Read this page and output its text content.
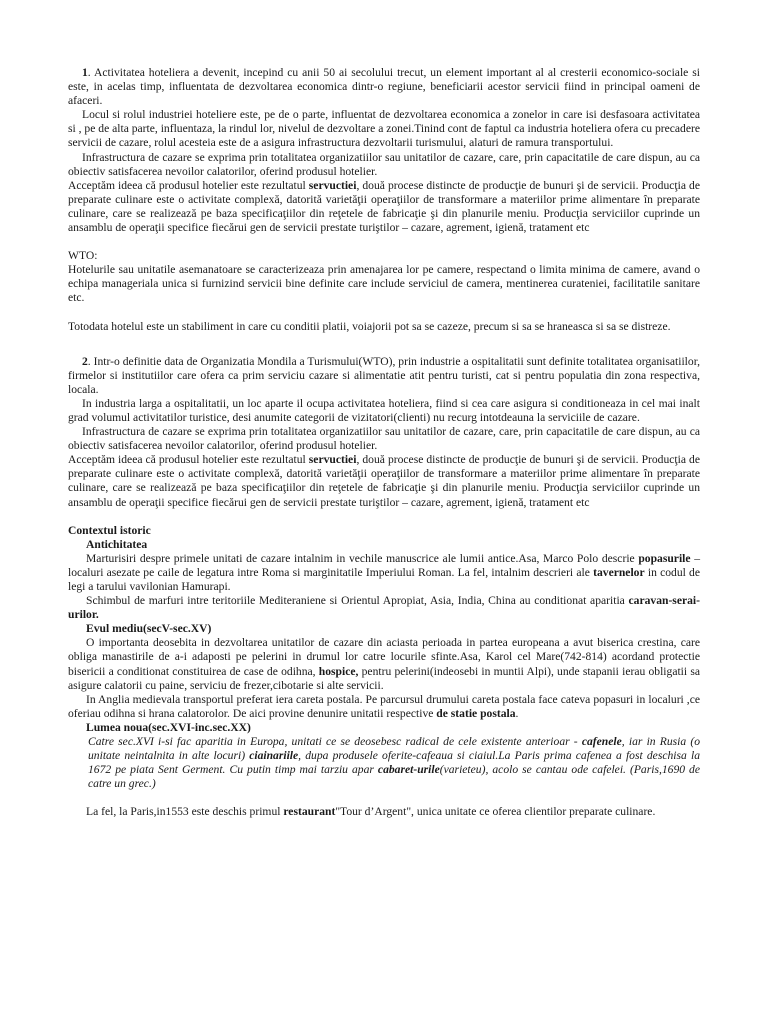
1. Activitatea hoteliera a devenit, incepind cu anii 50 ai secolului trecut, un element important al al cresterii economico-sociale si este, in acelas timp, influentata de dezvoltarea economica dintr-o regiune, beneficiarii acestor servicii fiind in principal oameni de afaceri.

Locul si rolul industriei hoteliere este, pe de o parte, influentat de dezvoltarea economica a zonelor in care isi desfasoara activitatea si , pe de alta parte, influentaza, la rindul lor, nivelul de dezvoltare a zonei.Tinind cont de faptul ca industria hoteliera ofera cu precadere servicii de cazare, rolul acesteia este de a asigura infrastructura dezvoltarii turismului, alaturi de ramura transportului.

Infrastructura de cazare se exprima prin totalitatea organizatiilor sau unitatilor de cazare, care, prin capacitatile de care dispun, au ca obiectiv satisfacerea nevoilor calatorilor, oferind produsul hotelier.

Acceptăm ideea că produsul hotelier este rezultatul servuctiei, două procese distincte de producţie de bunuri şi de servicii. Producţia de preparate culinare este o activitate complexă, datorită varietăţii operaţiilor de transformare a materiilor prime alimentare în preparate culinare, care se realizează pe baza specificaţiilor din reţetele de fabricaţie şi din planurile meniu. Producţia serviciilor cuprinde un ansamblu de operaţii specifice fiecărui gen de servicii prestate turiştilor – cazare, agrement, igienă, tratament etc

WTO:

Hotelurile sau unitatile asemanatoare se caracterizeaza prin amenajarea lor pe camere, respectand o limita minima de camere, avand o echipa manageriala unica si furnizind servicii bine definite care include serviciul de camera, mentinerea curateniei, facilitatile sanitare etc.

Totodata hotelul este un stabiliment in care cu conditii platii, voiajorii pot sa se cazeze, precum si sa se hraneasca si sa se distreze.

2. Intr-o definitie data de Organizatia Mondila a Turismului(WTO), prin industrie a ospitalitatii sunt definite totalitatea organisatiilor, firmelor si institutiilor care ofera ca prim serviciu cazare si alimentatie atit pentru turisti, cat si pentru populatia din zona respectiva, locala.

In industria larga a ospitalitatii, un loc aparte il ocupa activitatea hoteliera, fiind si cea care asigura si conditioneaza in cel mai inalt grad volumul activitatilor turistice, desi anumite categorii de vizitatori(clienti) nu recurg intotdeauna la serviciile de cazare.

Infrastructura de cazare se exprima prin totalitatea organizatiilor sau unitatilor de cazare, care, prin capacitatile de care dispun, au ca obiectiv satisfacerea nevoilor calatorilor, oferind produsul hotelier.

Acceptăm ideea că produsul hotelier este rezultatul servuctiei, două procese distincte de producţie de bunuri şi de servicii. Producţia de preparate culinare este o activitate complexă, datorită varietăţii operaţiilor de transformare a materiilor prime alimentare în preparate culinare, care se realizează pe baza specificaţiilor din reţetele de fabricaţie şi din planurile meniu. Producţia serviciilor cuprinde un ansamblu de operaţii specifice fiecărui gen de servicii prestate turiştilor – cazare, agrement, igienă, tratament etc

Contextul istoric

Antichitatea

Marturisiri despre primele unitati de cazare intalnim in vechile manuscrice ale lumii antice.Asa, Marco Polo descrie popasurile – localuri asezate pe caile de legatura intre Roma si marginitatile Imperiului Roman. La fel, intalnim descrieri ale tavernelor in codul de legi a tarului vavilonian Hamurapi.

Schimbul de marfuri intre teritoriile Mediteraniene si Orientul Apropiat, Asia, India, China au conditionat aparitia caravan-serai-urilor.

Evul mediu(secV-sec.XV)

O importanta deosebita in dezvoltarea unitatilor de cazare din aciasta perioada in partea europeana a avut biserica crestina, care obliga manastirile de a-i adaposti pe pelerini in drumul lor catre locurile sfinte.Asa, Karol cel Mare(742-814) acordand protectie bisericii a conditionat constituirea de case de odihna, hospice, pentru pelerini(indeosebi in muntii Alpi), unde stapanii ierau obligatii sa asigure calatorii cu paine, serviciu de frezer,cibotarie si alte servicii.

In Anglia medievala transportul preferat iera careta postala. Pe parcursul drumului careta postala face cateva popasuri in localuri ,ce oferiau odihna si hrana calatorolor. De aici provine denunire unitatii respective de statie postala.

Lumea noua(sec.XVI-inc.sec.XX)

Catre sec.XVI i-si fac aparitia in Europa, unitati ce se deosebesc radical de cele existente anterioar - cafenele, iar in Rusia (o unitate neintalnita in alte locuri) ciainariile, dupa produsele oferite-cafeaua si ciaiul.La Paris prima cafenea a fost deschisa la 1672 pe piata Sent Germent. Cu putin timp mai tarziu apar cabaret-urile(varieteu), acolo se cantau ode cafelei. (Paris,1690 de catre un grec.)

La fel, la Paris,in1553 este deschis primul restaurant"Tour d’Argent", unica unitate ce oferea clientilor preparate culinare.
